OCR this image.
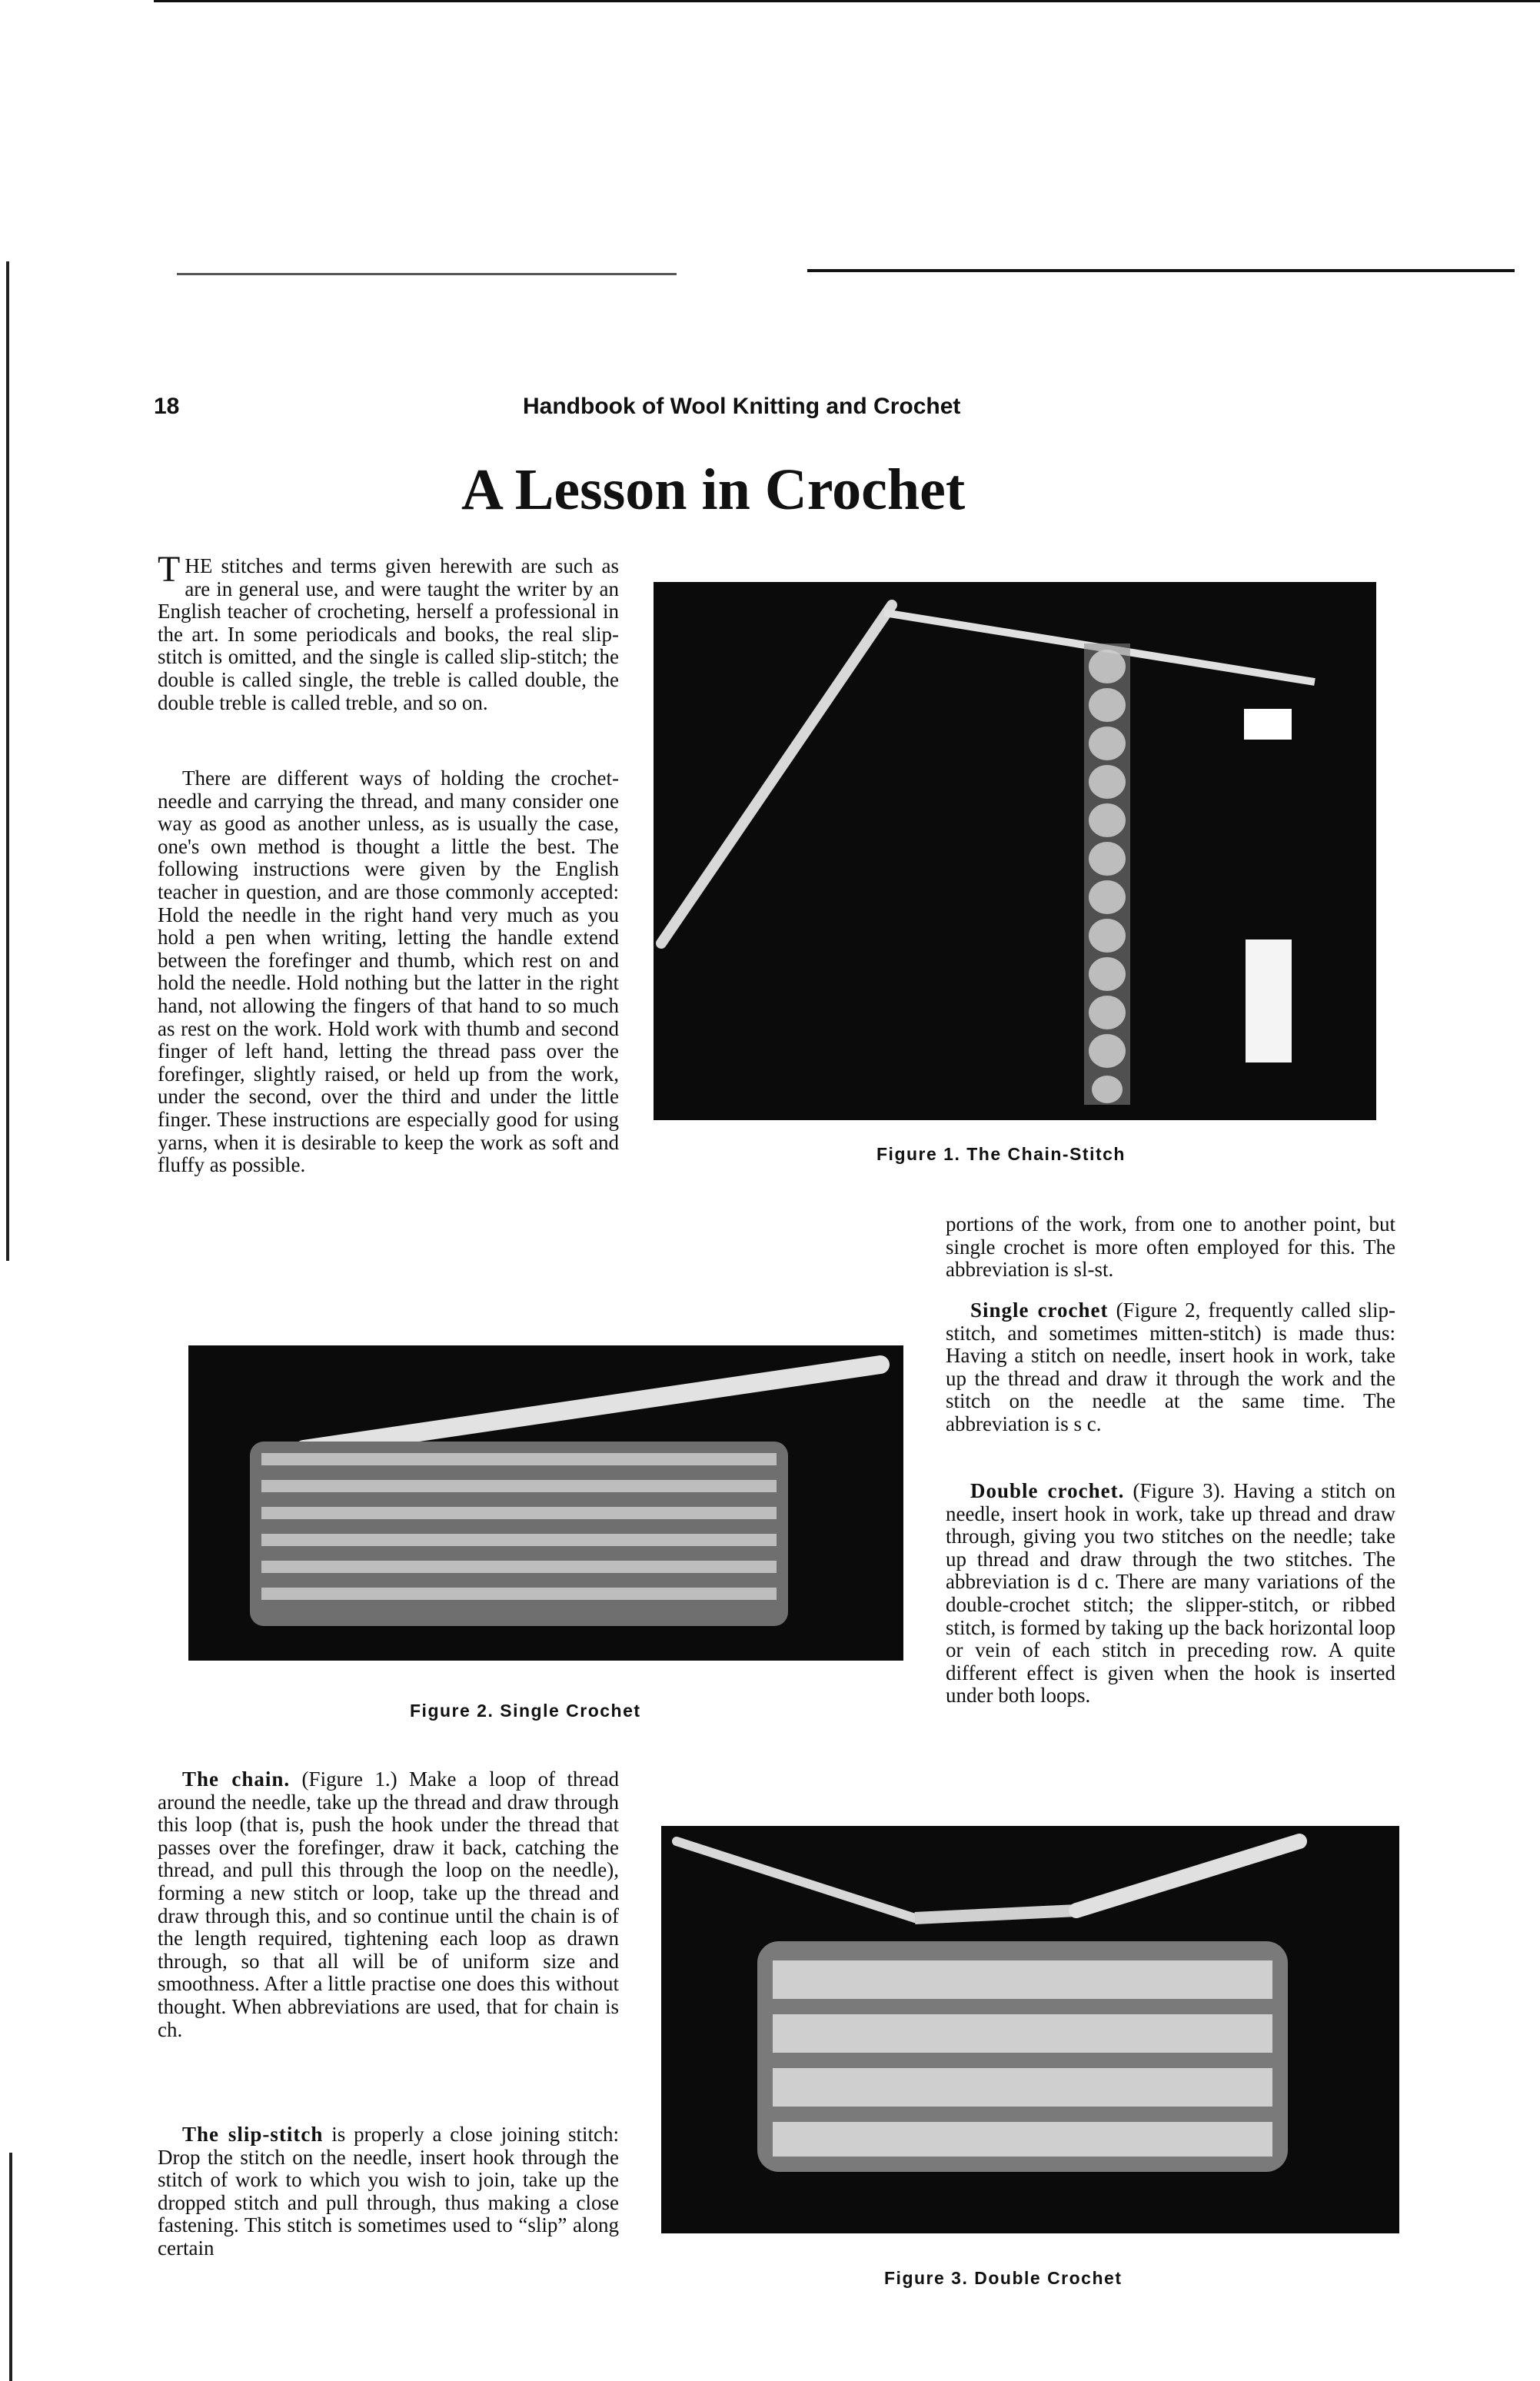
18	Handbook of Wool Knitting and Crochet
A Lesson in Crochet

THE stitches and terms given herewith are such as are in general use, and were taught the writer by an English teacher of crocheting, herself a professional in the art. In some periodicals and books, the real slip-stitch is omitted, and the single is called slip-stitch; the double is called single, the treble is called double, the double treble is called treble, and so on.

There are different ways of holding the crochet-needle and carrying the thread, and many consider one way as good as another unless, as is usually the case, one's own method is thought a little the best. The following instructions were given by the English teacher in question, and are those commonly accepted: Hold the needle in the right hand very much as you hold a pen when writing, letting the handle extend between the forefinger and thumb, which rest on and hold the needle. Hold nothing but the latter in the right hand, not allowing the fingers of that hand to so much as rest on the work. Hold work with thumb and second finger of left hand, letting the thread pass over the forefinger, slightly raised, or held up from the work, under the second, over the third and under the little finger. These instructions are especially good for using yarns, when it is desirable to keep the work as soft and fluffy as possible.	Figure 1. The Chain-Stitch

portions of the work, from one to another point, but single crochet is more often employed for this. The abbreviation is sl-st.

Single crochet (Figure 2, frequently called slip-stitch, and sometimes mitten-stitch) is made thus: Having a stitch on needle, insert hook in work, take up the thread and draw it through the work and the stitch on the needle at the same time. The abbreviation is s c.

Double crochet. (Figure 3). Having a stitch on needle, insert hook in work, take up thread and draw through, giving you two stitches on the needle; take up thread and draw through the two stitches. The abbreviation is d c. There are many variations of the double-crochet stitch; the slipper-stitch, or ribbed stitch, is formed by taking up the back horizontal loop or vein of each stitch in preceding row. A quite different effect is given when the hook is inserted under both loops.

Figure 2. Single Crochet

The chain. (Figure 1.) Make a loop of thread around the needle, take up the thread and draw through this loop (that is, push the hook under the thread that passes over the forefinger, draw it back, catching the thread, and pull this through the loop on the needle), forming a new stitch or loop, take up the thread and draw through this, and so continue until the chain is of the length required, tightening each loop as drawn through, so that all will be of uniform size and smoothness. After a little practise one does this without thought. When abbreviations are used, that for chain is ch.

The slip-stitch is properly a close joining stitch: Drop the stitch on the needle, insert hook through the stitch of work to which you wish to join, take up the dropped stitch and pull through, thus making a close fastening. This stitch is sometimes used to “slip” along certain

Figure 3. Double Crochet
